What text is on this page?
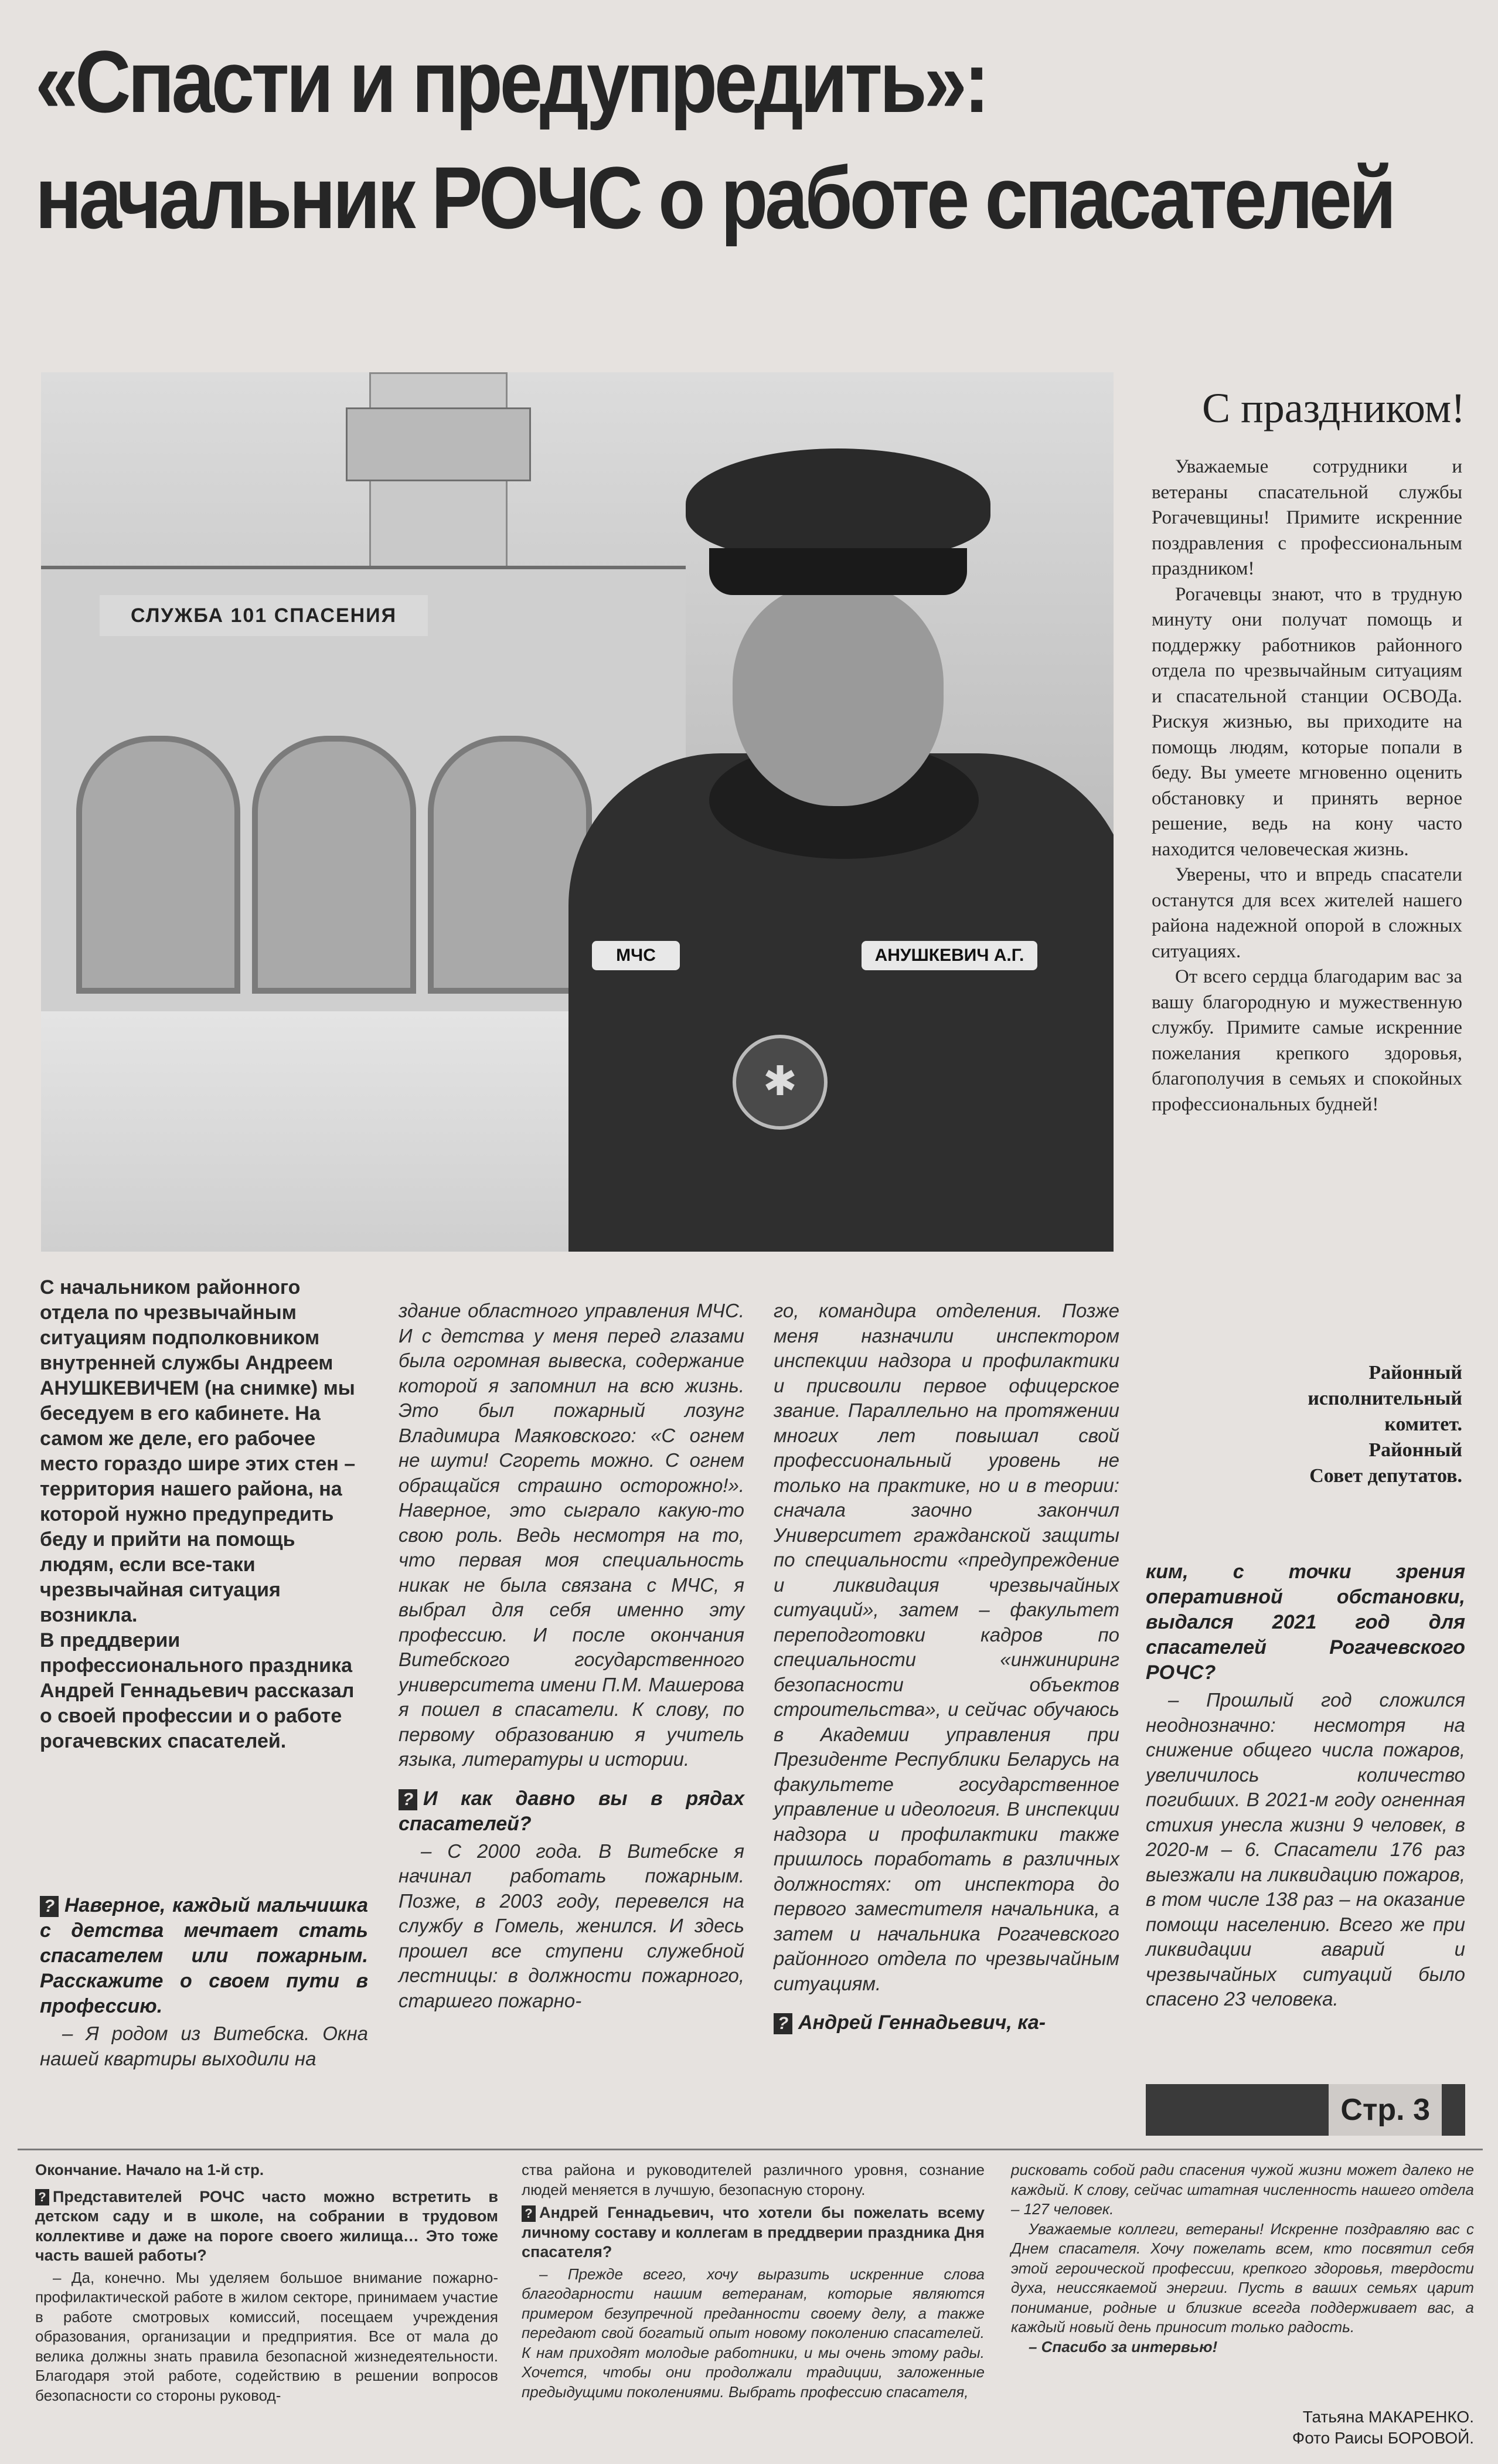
«Спасти и предупредить»:
начальник РОЧС о работе спасателей
СЛУЖБА 101 СПАСЕНИЯ
МЧС	АНУШКЕВИЧ А.Г.
✱
С праздником!

Уважаемые сотрудники и ветераны спасательной службы Рогачевщины! Примите искренние поздравления с профессиональным праздником!

Рогачевцы знают, что в трудную минуту они получат помощь и поддержку работников районного отдела по чрезвычайным ситуациям и спасательной станции ОСВОДа. Рискуя жизнью, вы приходите на помощь людям, которые попали в беду. Вы умеете мгновенно оценить обстановку и принять верное решение, ведь на кону часто находится человеческая жизнь.

Уверены, что и впредь спасатели останутся для всех жителей нашего района надежной опорой в сложных ситуациях.

От всего сердца благодарим вас за вашу благородную и мужественную службу. Примите самые искренние пожелания крепкого здоровья, благополучия в семьях и спокойных профессиональных будней!

Районный
исполнительный
комитет.
Районный
Совет депутатов.

С начальником районного отдела по чрезвычайным ситуациям подполковником внутренней службы Андреем АНУШКЕВИЧЕМ (на снимке) мы беседуем в его кабинете. На самом же деле, его рабочее место гораздо шире этих стен – территория нашего района, на которой нужно предупредить беду и прийти на помощь людям, если все-таки чрезвычайная ситуация возникла.

В преддверии профессионального праздника Андрей Геннадьевич рассказал о своей профессии и о работе рогачевских спасателей.

? Наверное, каждый мальчишка с детства мечтает стать спасателем или пожарным. Расскажите о своем пути в профессию.

– Я родом из Витебска. Окна нашей квартиры выходили на

здание областного управления МЧС. И с детства у меня перед глазами была огромная вывеска, содержание которой я запомнил на всю жизнь. Это был пожарный лозунг Владимира Маяковского: «С огнем не шути! Сгореть можно. С огнем обращайся страшно осторожно!». Наверное, это сыграло какую-то свою роль. Ведь несмотря на то, что первая моя специальность никак не была связана с МЧС, я выбрал для себя именно эту профессию. И после окончания Витебского государственного университета имени П.М. Машерова я пошел в спасатели. К слову, по первому образованию я учитель языка, литературы и истории.

? И как давно вы в рядах спасателей?

– С 2000 года. В Витебске я начинал работать пожарным. Позже, в 2003 году, перевелся на службу в Гомель, женился. И здесь прошел все ступени служебной лестницы: в должности пожарного, старшего пожарно-

го, командира отделения. Позже меня назначили инспектором инспекции надзора и профилактики и присвоили первое офицерское звание. Параллельно на протяжении многих лет повышал свой профессиональный уровень не только на практике, но и в теории: сначала заочно закончил Университет гражданской защиты по специальности «предупреждение и ликвидация чрезвычайных ситуаций», затем – факультет переподготовки кадров по специальности «инжиниринг безопасности объектов строительства», и сейчас обучаюсь в Академии управления при Президенте Республики Беларусь на факультете государственное управление и идеология. В инспекции надзора и профилактики также пришлось поработать в различных должностях: от инспектора до первого заместителя начальника, а затем и начальника Рогачевского районного отдела по чрезвычайным ситуациям.

? Андрей Геннадьевич, ка-

ким, с точки зрения оперативной обстановки, выдался 2021 год для спасателей Рогачевского РОЧС?

– Прошлый год сложился неоднозначно: несмотря на снижение общего числа пожаров, увеличилось количество погибших. В 2021-м году огненная стихия унесла жизни 9 человек, в 2020-м – 6. Спасатели 176 раз выезжали на ликвидацию пожаров, в том числе 138 раз – на оказание помощи населению. Всего же при ликвидации аварий и чрезвычайных ситуаций было спасено 23 человека.

Стр. 3

Окончание. Начало на 1-й стр.

? Представителей РОЧС часто можно встретить в детском саду и в школе, на собрании в трудовом коллективе и даже на пороге своего жилища… Это тоже часть вашей работы?

– Да, конечно. Мы уделяем большое внимание пожарно-профилактической работе в жилом секторе, принимаем участие в работе смотровых комиссий, посещаем учреждения образования, организации и предприятия. Все от мала до велика должны знать правила безопасной жизнедеятельности. Благодаря этой работе, содействию в решении вопросов безопасности со стороны руковод-

ства района и руководителей различного уровня, сознание людей меняется в лучшую, безопасную сторону.

? Андрей Геннадьевич, что хотели бы пожелать всему личному составу и коллегам в преддверии праздника Дня спасателя?

– Прежде всего, хочу выразить искренние слова благодарности нашим ветеранам, которые являются примером безупречной преданности своему делу, а также передают свой богатый опыт новому поколению спасателей. К нам приходят молодые работники, и мы очень этому рады. Хочется, чтобы они продолжали традиции, заложенные предыдущими поколениями. Выбрать профессию спасателя,

рисковать собой ради спасения чужой жизни может далеко не каждый. К слову, сейчас штатная численность нашего отдела – 127 человек.

Уважаемые коллеги, ветераны! Искренне поздравляю вас с Днем спасателя. Хочу пожелать всем, кто посвятил себя этой героической профессии, крепкого здоровья, твердости духа, неиссякаемой энергии. Пусть в ваших семьях царит понимание, родные и близкие всегда поддерживает вас, а каждый новый день приносит только радость.

– Спасибо за интервью!

Татьяна МАКАРЕНКО.
Фото Раисы БОРОВОЙ.
